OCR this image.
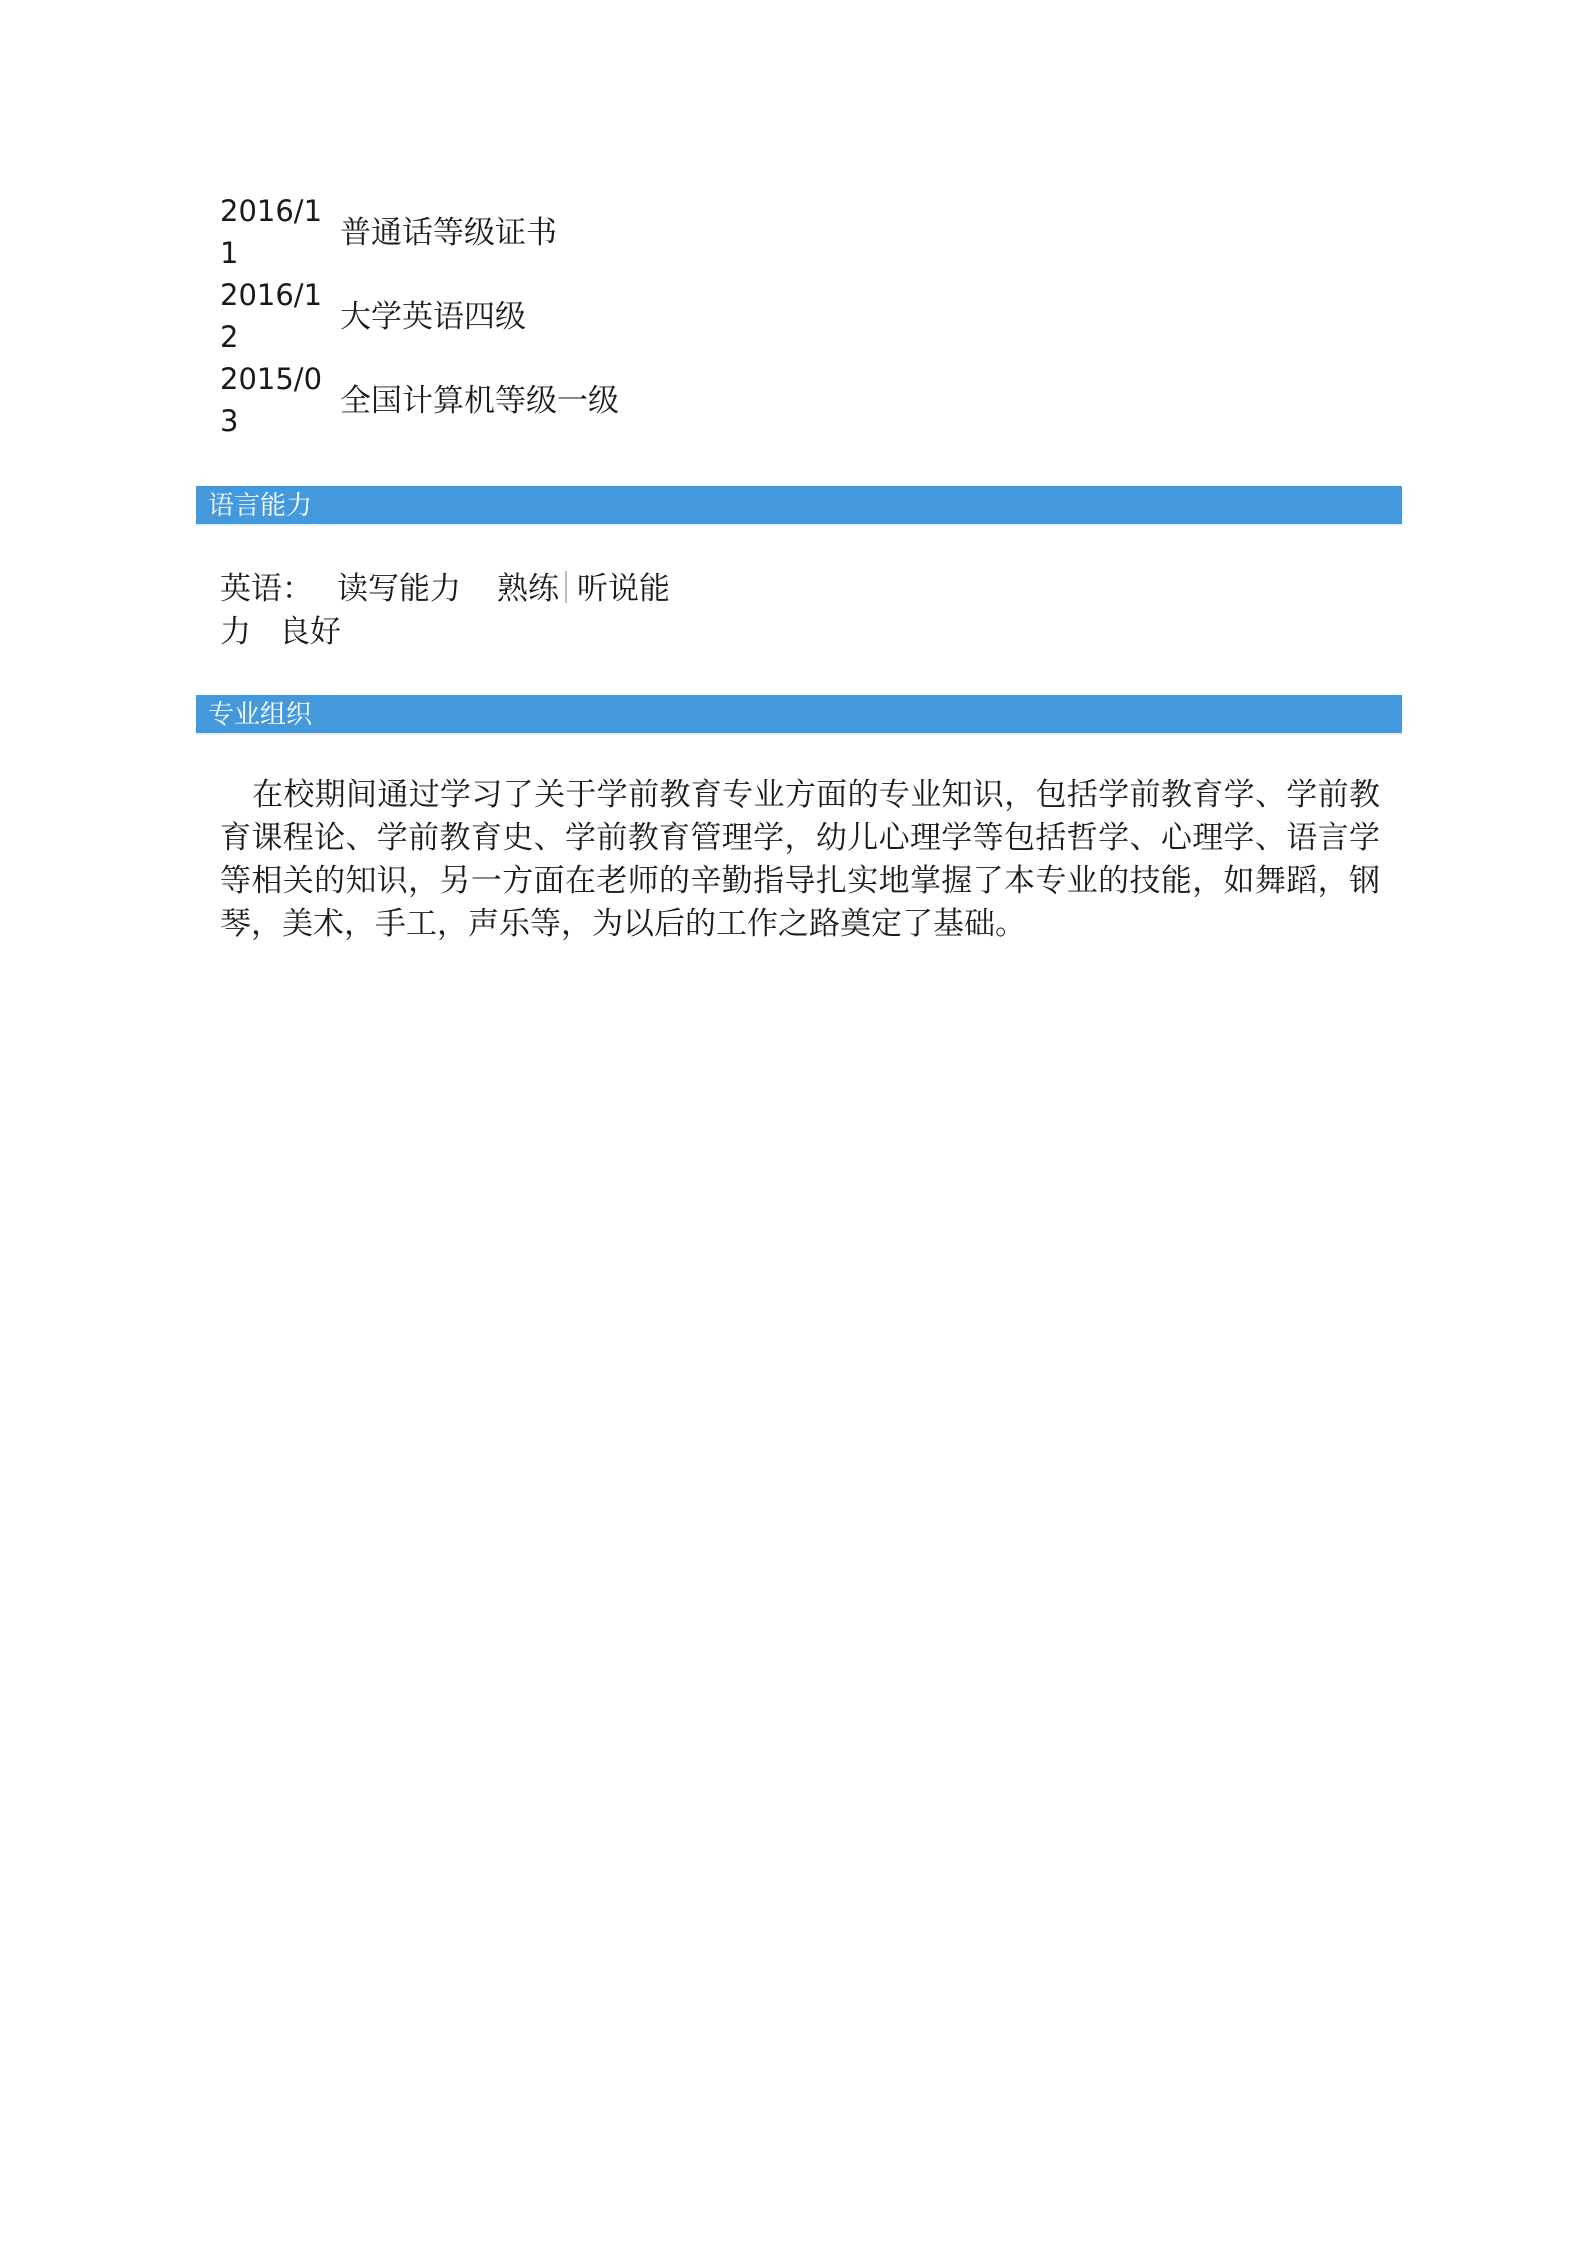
2016/11
普通话等级证书
2016/12
大学英语四级
2015/03
全国计算机等级一级
语言能力
英语： 读写能力 熟练 听说能
力 良好
专业组织
在校期间通过学习了关于学前教育专业方面的专业知识，包括学前教育学、学前教育课程论、学前教育史、学前教育管理学，幼儿心理学等包括哲学、心理学、语言学等相关的知识，另一方面在老师的辛勤指导扎实地掌握了本专业的技能，如舞蹈，钢琴，美术，手工，声乐等，为以后的工作之路奠定了基础。
